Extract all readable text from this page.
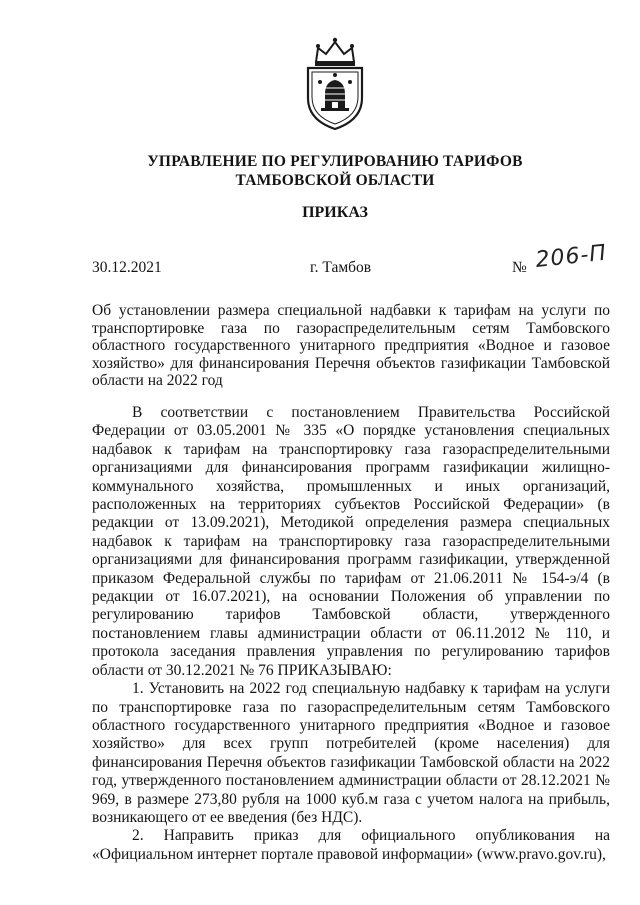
УПРАВЛЕНИЕ ПО РЕГУЛИРОВАНИЮ ТАРИФОВ
ТАМБОВСКОЙ ОБЛАСТИ
ПРИКАЗ
30.12.2021	г. Тамбов	№ 206-П
Об установлении размера специальной надбавки к тарифам на услуги по транспортировке газа по газораспределительным сетям Тамбовского областного государственного унитарного предприятия «Водное и газовое хозяйство» для финансирования Перечня объектов газификации Тамбовской области на 2022 год

В соответствии с постановлением Правительства Российской Федерации от 03.05.2001 № 335 «О порядке установления специальных надбавок к тарифам на транспортировку газа газораспределительными организациями для финансирования программ газификации жилищно-коммунального хозяйства, промышленных и иных организаций, расположенных на территориях субъектов Российской Федерации» (в редакции от 13.09.2021), Методикой определения размера специальных надбавок к тарифам на транспортировку газа газораспределительными организациями для финансирования программ газификации, утвержденной приказом Федеральной службы по тарифам от 21.06.2011 № 154-э/4 (в редакции от 16.07.2021), на основании Положения об управлении по регулированию тарифов Тамбовской области, утвержденного постановлением главы администрации области от 06.11.2012 № 110, и протокола заседания правления управления по регулированию тарифов области от 30.12.2021 № 76 ПРИКАЗЫВАЮ:

1. Установить на 2022 год специальную надбавку к тарифам на услуги по транспортировке газа по газораспределительным сетям Тамбовского областного государственного унитарного предприятия «Водное и газовое хозяйство» для всех групп потребителей (кроме населения) для финансирования Перечня объектов газификации Тамбовской области на 2022 год, утвержденного постановлением администрации области от 28.12.2021 № 969, в размере 273,80 рубля на 1000 куб.м газа с учетом налога на прибыль, возникающего от ее введения (без НДС).

2. Направить приказ для официального опубликования на «Официальном интернет портале правовой информации» (www.pravo.gov.ru),
